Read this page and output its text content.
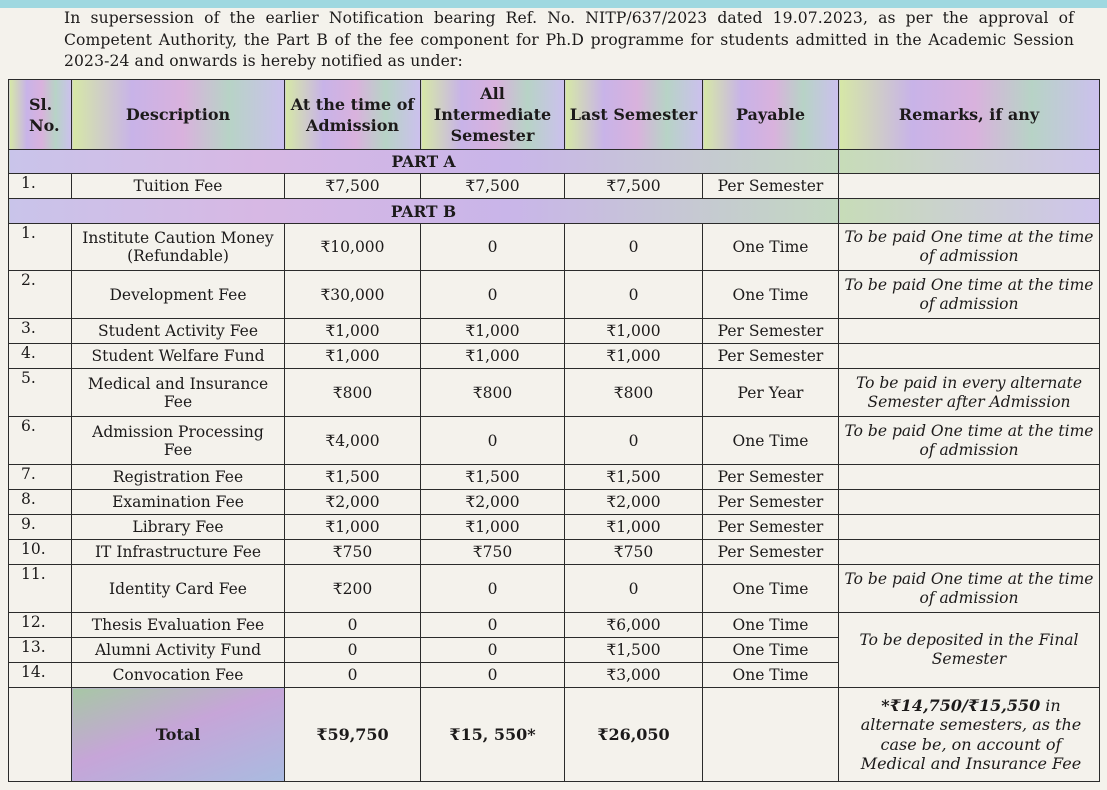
In supersession of the earlier Notification bearing Ref. No. NITP/637/2023 dated 19.07.2023, as per the approval of Competent Authority, the Part B of the fee component for Ph.D programme for students admitted in the Academic Session 2023-24 and onwards is hereby notified as under:

Sl. No.	Description	At the time of Admission	All Intermediate Semester	Last Semester	Payable	Remarks, if any
PART A						
1.	Tuition Fee	₹7,500	₹7,500	₹7,500	Per Semester	
PART B						
1.	Institute Caution Money (Refundable)	₹10,000	0	0	One Time	To be paid One time at the time of admission
2.	Development Fee	₹30,000	0	0	One Time	To be paid One time at the time of admission
3.	Student Activity Fee	₹1,000	₹1,000	₹1,000	Per Semester	
4.	Student Welfare Fund	₹1,000	₹1,000	₹1,000	Per Semester	
5.	Medical and Insurance Fee	₹800	₹800	₹800	Per Year	To be paid in every alternate Semester after Admission
6.	Admission Processing Fee	₹4,000	0	0	One Time	To be paid One time at the time of admission
7.	Registration Fee	₹1,500	₹1,500	₹1,500	Per Semester	
8.	Examination Fee	₹2,000	₹2,000	₹2,000	Per Semester	
9.	Library Fee	₹1,000	₹1,000	₹1,000	Per Semester	
10.	IT Infrastructure Fee	₹750	₹750	₹750	Per Semester	
11.	Identity Card Fee	₹200	0	0	One Time	To be paid One time at the time of admission
12.	Thesis Evaluation Fee	0	0	₹6,000	One Time	To be deposited in the Final Semester
13.	Alumni Activity Fund	0	0	₹1,500	One Time	
14.	Convocation Fee	0	0	₹3,000	One Time	
	Total	₹59,750	₹15, 550*	₹26,050		*₹14,750/₹15,550 in alternate semesters, as the case be, on account of Medical and Insurance Fee
